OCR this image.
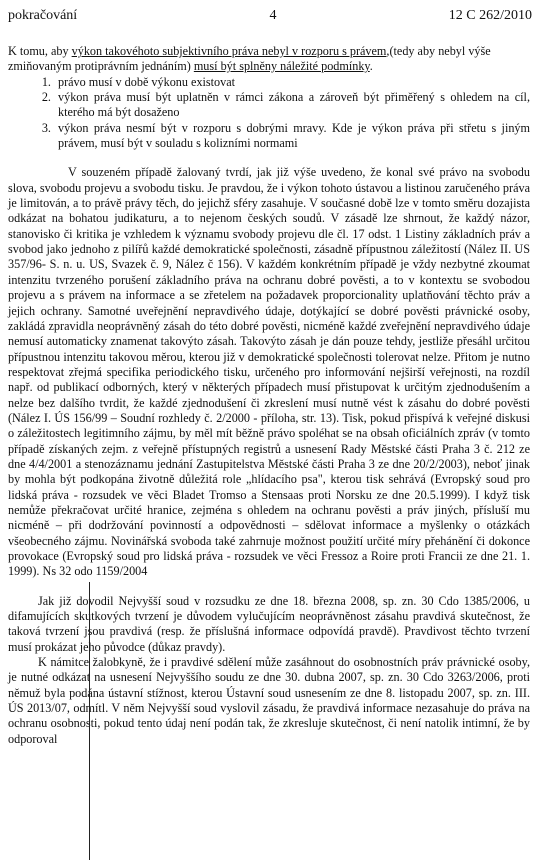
4
pokračování	12 C 262/2010

K tomu, aby výkon takovéhoto subjektivního práva nebyl v rozporu s právem,(tedy aby nebyl výše zmiňovaným protiprávním jednáním) musí být splněny náležité podmínky.

1. právo musí v době výkonu existovat
2. výkon práva musí být uplatněn v rámci zákona a zároveň být přiměřený s ohledem na cíl, kterého má být dosaženo
3. výkon práva nesmí být v rozporu s dobrými mravy. Kde je výkon práva při střetu s jiným právem, musí být v souladu s kolizními normami

V souzeném případě žalovaný tvrdí, jak již výše uvedeno, že konal své právo na svobodu slova, svobodu projevu a svobodu tisku. Je pravdou, že i výkon tohoto ústavou a listinou zaručeného práva je limitován, a to právě právy těch, do jejichž sféry zasahuje. V současné době lze v tomto směru dozajista odkázat na bohatou judikaturu, a to nejenom českých soudů. V zásadě lze shrnout, že každý názor, stanovisko či kritika je vzhledem k významu svobody projevu dle čl. 17 odst. 1 Listiny základních práv a svobod jako jednoho z pilířů každé demokratické společnosti, zásadně přípustnou záležitostí (Nález II. US 357/96- S. n. u. US, Svazek č. 9, Nález č 156). V každém konkrétním případě je vždy nezbytné zkoumat intenzitu tvrzeného porušení základního práva na ochranu dobré pověsti, a to v kontextu se svobodou projevu a s právem na informace a se zřetelem na požadavek proporcionality uplatňování těchto práv a jejich ochrany. Samotné uveřejnění nepravdivého údaje, dotýkající se dobré pověsti právnické osoby, zakládá zpravidla neoprávněný zásah do této dobré pověsti, nicméně každé zveřejnění nepravdivého údaje nemusí automaticky znamenat takovýto zásah. Takovýto zásah je dán pouze tehdy, jestliže přesáhl určitou přípustnou intenzitu takovou měrou, kterou již v demokratické společnosti tolerovat nelze. Přitom je nutno respektovat zřejmá specifika periodického tisku, určeného pro informování nejširší veřejnosti, na rozdíl např. od publikací odborných, který v některých případech musí přistupovat k určitým zjednodušením a nelze bez dalšího tvrdit, že každé zjednodušení či zkreslení musí nutně vést k zásahu do dobré pověsti (Nález I. ÚS 156/99 – Soudní rozhledy č. 2/2000 - příloha, str. 13). Tisk, pokud přispívá k veřejné diskusi o záležitostech legitimního zájmu, by měl mít běžně právo spoléhat se na obsah oficiálních zpráv (v tomto případě získaných zejm. z veřejně přístupných registrů a usnesení Rady Městské části Praha 3 č. 212 ze dne 4/4/2001 a stenozáznamu jednání Zastupitelstva Městské části Praha 3 ze dne 20/2/2003), neboť jinak by mohla být podkopána životně důležitá role „hlídacího psa", kterou tisk sehrává (Evropský soud pro lidská práva - rozsudek ve věci Bladet Tromso a Stensaas proti Norsku ze dne 20.5.1999). I když tisk nemůže překračovat určité hranice, zejména s ohledem na ochranu pověsti a práv jiných, přísluší mu nicméně – při dodržování povinností a odpovědnosti – sdělovat informace a myšlenky o otázkách všeobecného zájmu. Novinářská svoboda také zahrnuje možnost použití určité míry přehánění či dokonce provokace (Evropský soud pro lidská práva - rozsudek ve věci Fressoz a Roire proti Francii ze dne 21. 1. 1999). Ns 32 odo 1159/2004

Jak již dovodil Nejvyšší soud v rozsudku ze dne 18. března 2008, sp. zn. 30 Cdo 1385/2006, u difamujících skutkových tvrzení je důvodem vylučujícím neoprávněnost zásahu pravdivá skutečnost, že taková tvrzení jsou pravdivá (resp. že příslušná informace odpovídá pravdě). Pravdivost těchto tvrzení musí prokázat jeho původce (důkaz pravdy).

K námitce žalobkyně, že i pravdivé sdělení může zasáhnout do osobnostních práv právnické osoby, je nutné odkázat na usnesení Nejvyššího soudu ze dne 30. dubna 2007, sp. zn. 30 Cdo 3263/2006, proti němuž byla podána ústavní stížnost, kterou Ústavní soud usnesením ze dne 8. listopadu 2007, sp. zn. III. ÚS 2013/07, odmítl. V něm Nejvyšší soud vyslovil zásadu, že pravdivá informace nezasahuje do práva na ochranu osobnosti, pokud tento údaj není podán tak, že zkresluje skutečnost, či není natolik intimní, že by odporoval
